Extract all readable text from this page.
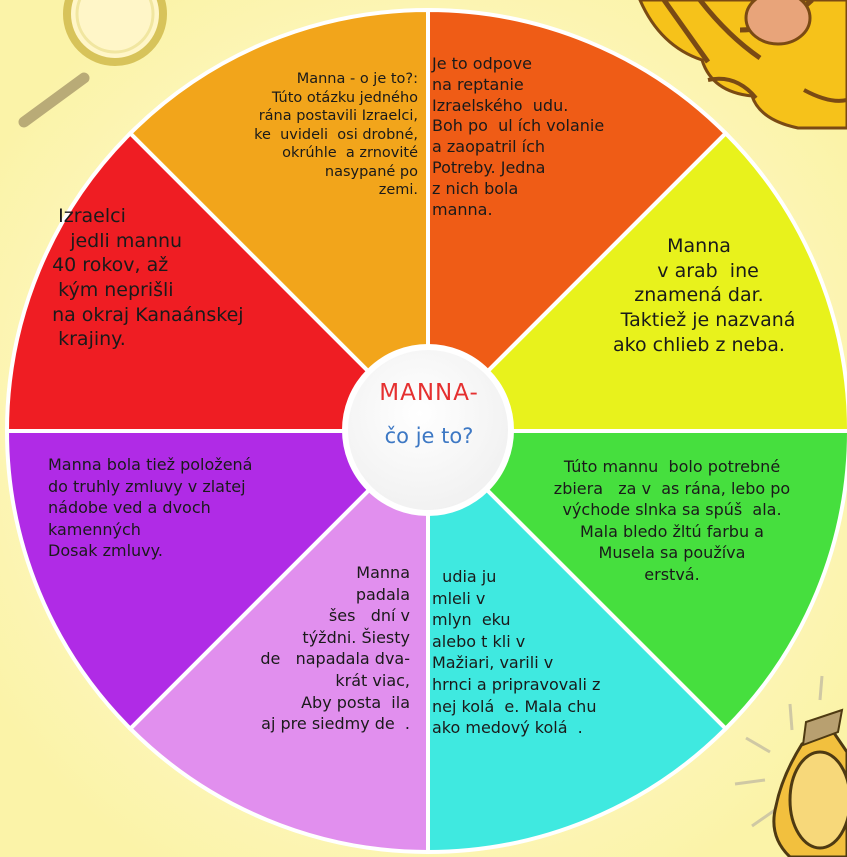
Manna - o je to?:
Túto otázku jedného
rána postavili Izraelci,
ke  uvideli  osi drobné,
okrúhle  a zrnovité
nasypané po
zemi.

Je to odpove
na reptanie
Izraelského  udu.
Boh po  ul ích volanie
a zaopatril ích
Potreby. Jedna
z nich bola
manna.

Manna
v arab  ine
znamená dar.
Taktiež je nazvaná
ako chlieb z neba.

Túto mannu  bolo potrebné
zbiera   za v  as rána, lebo po
východe slnka sa spúš  ala.
Mala bledo žltú farbu a
Musela sa používa
erstvá.

udia ju
mleli v
mlyn  eku
alebo t kli v
Mažiari, varili v
hrnci a pripravovali z
nej kolá  e. Mala chu
ako medový kolá  .

Manna
padala
šes   dní v
týždni. Šiesty
de   napadala dva-
krát viac,
Aby posta  ila
aj pre siedmy de  .

Manna bola tiež položená
do truhly zmluvy v zlatej
nádobe ved a dvoch
kamenných
Dosak zmluvy.

Izraelci
jedli mannu
40 rokov, až
kým neprišli
na okraj Kanaánskej
krajiny.

MANNA-
čo je to?
